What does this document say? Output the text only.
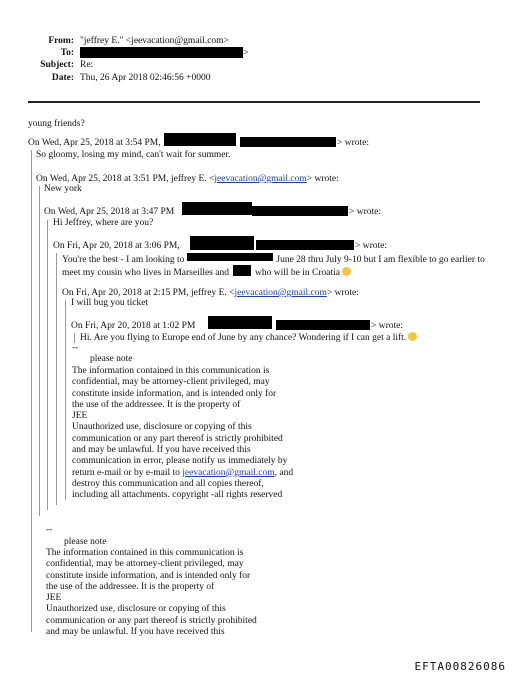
From: "jeffrey E." <jeevacation@gmail.com>
To:	>
Subject: Re:
Date: Thu, 26 Apr 2018 02:46:56 +0000
young friends?
On Wed, Apr 25, 2018 at 3:54 PM,	> wrote:
So gloomy, losing my mind, can't wait for summer.
On Wed, Apr 25, 2018 at 3:51 PM, jeffrey E. <jeevacation@gmail.com> wrote:
New york
On Wed, Apr 25, 2018 at 3:47 PM	> wrote:
Hi Jeffrey, where are you?
On Fri, Apr 20, 2018 at 3:06 PM,	> wrote:
You're the best - I am looking to	June 28 thru July 9-10 but I am flexible to go earlier to
meet my cousin who lives in Marseilles and	who will be in Croatia
On Fri, Apr 20, 2018 at 2:15 PM, jeffrey E. <jeevacation@gmail.com> wrote:
I will bug you ticket
On Fri, Apr 20, 2018 at 1:02 PM	> wrote:
Hi. Are you flying to Europe end of June by any chance? Wondering if I can get a lift.
--
please note
The information contained in this communication is
confidential, may be attorney-client privileged, may
constitute inside information, and is intended only for
the use of the addressee. It is the property of
JEE
Unauthorized use, disclosure or copying of this
communication or any part thereof is strictly prohibited
and may be unlawful. If you have received this
communication in error, please notify us immediately by
return e-mail or by e-mail to jeevacation@gmail.com, and
destroy this communication and all copies thereof,
including all attachments. copyright -all rights reserved
--
please note
The information contained in this communication is
confidential, may be attorney-client privileged, may
constitute inside information, and is intended only for
the use of the addressee. It is the property of
JEE
Unauthorized use, disclosure or copying of this
communication or any part thereof is strictly prohibited
and may be unlawful. If you have received this
EFTA00826086
